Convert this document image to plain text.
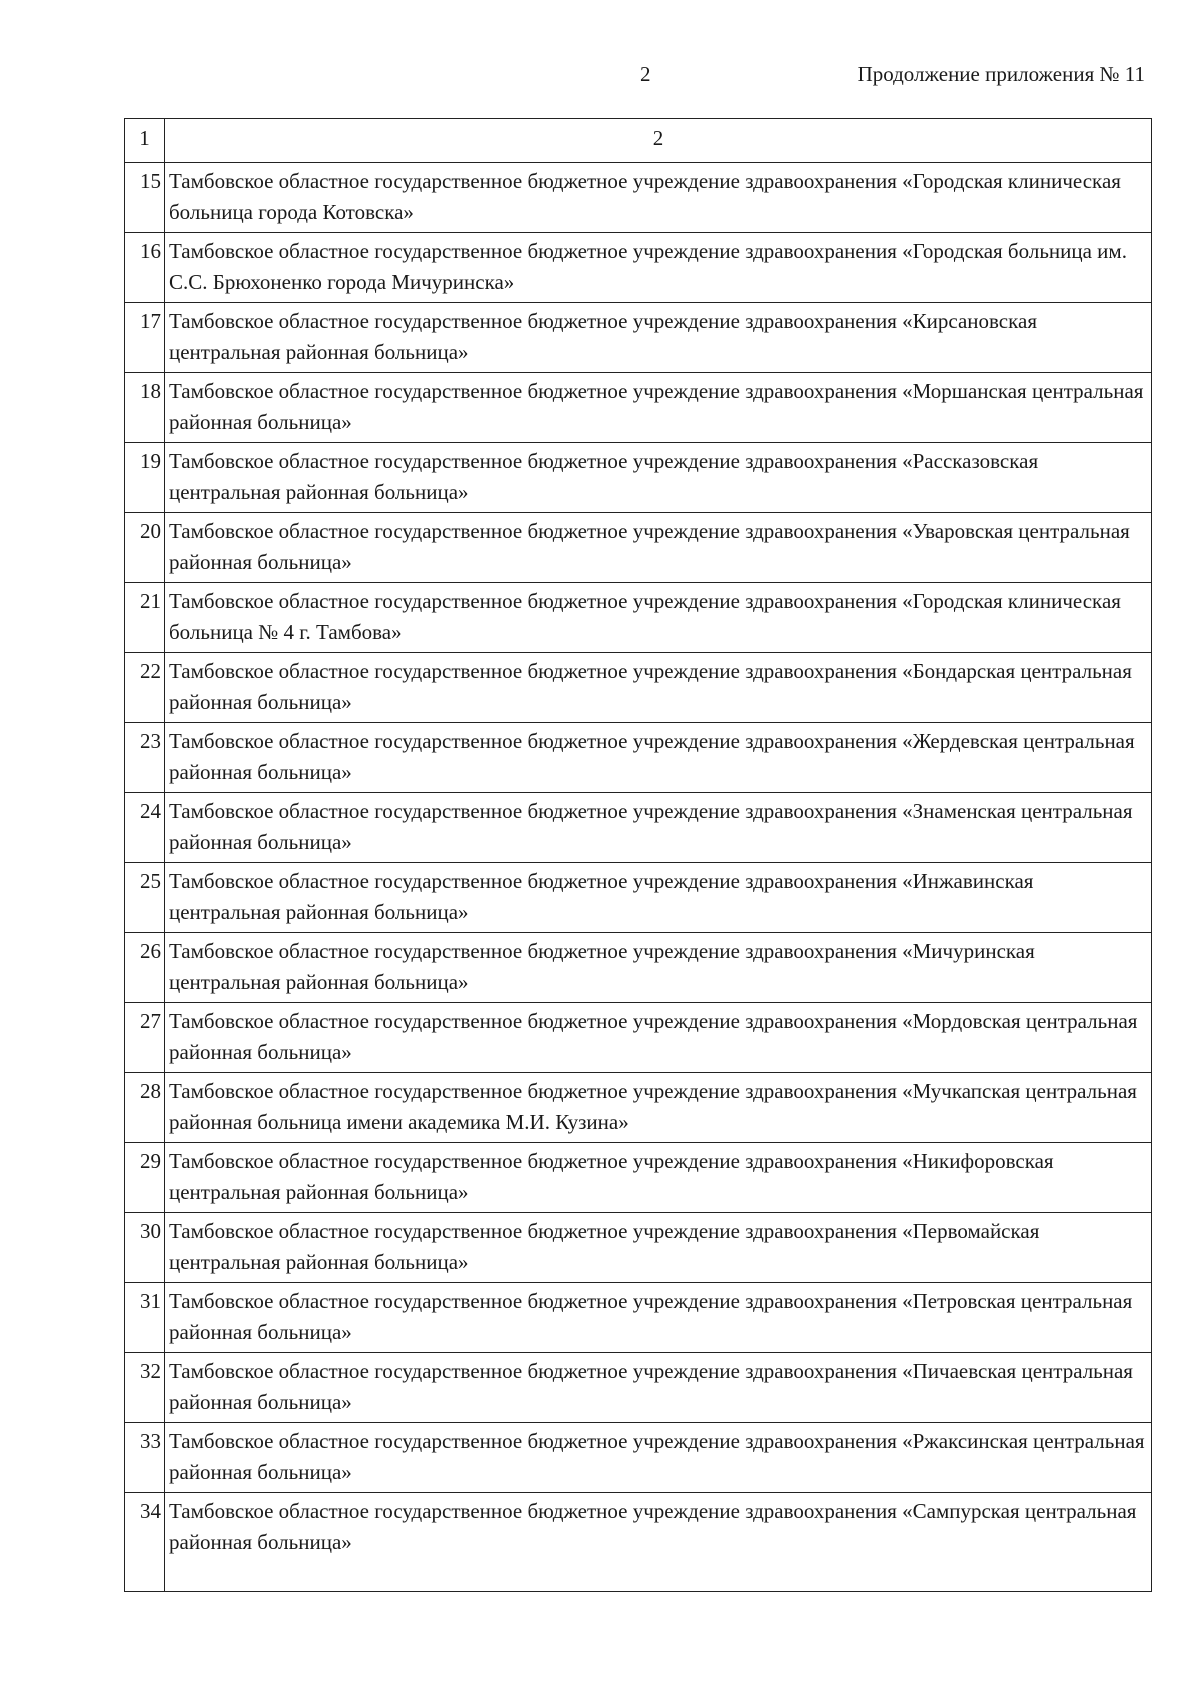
2	Продолжение приложения № 11
1	2
15	Тамбовское областное государственное бюджетное учреждение здравоохранения «Городская клиническая больница города Котовска»
16	Тамбовское областное государственное бюджетное учреждение здравоохранения «Городская больница им. С.С. Брюхоненко города Мичуринска»
17	Тамбовское областное государственное бюджетное учреждение здравоохранения «Кирсановская центральная районная больница»
18	Тамбовское областное государственное бюджетное учреждение здравоохранения «Моршанская центральная районная больница»
19	Тамбовское областное государственное бюджетное учреждение здравоохранения «Рассказовская центральная районная больница»
20	Тамбовское областное государственное бюджетное учреждение здравоохранения «Уваровская центральная районная больница»
21	Тамбовское областное государственное бюджетное учреждение здравоохранения «Городская клиническая больница № 4 г. Тамбова»
22	Тамбовское областное государственное бюджетное учреждение здравоохранения «Бондарская центральная районная больница»
23	Тамбовское областное государственное бюджетное учреждение здравоохранения «Жердевская центральная районная больница»
24	Тамбовское областное государственное бюджетное учреждение здравоохранения «Знаменская центральная районная больница»
25	Тамбовское областное государственное бюджетное учреждение здравоохранения «Инжавинская центральная районная больница»
26	Тамбовское областное государственное бюджетное учреждение здравоохранения «Мичуринская центральная районная больница»
27	Тамбовское областное государственное бюджетное учреждение здравоохранения «Мордовская центральная районная больница»
28	Тамбовское областное государственное бюджетное учреждение здравоохранения «Мучкапская центральная районная больница имени академика М.И. Кузина»
29	Тамбовское областное государственное бюджетное учреждение здравоохранения «Никифоровская центральная районная больница»
30	Тамбовское областное государственное бюджетное учреждение здравоохранения «Первомайская центральная районная больница»
31	Тамбовское областное государственное бюджетное учреждение здравоохранения «Петровская центральная районная больница»
32	Тамбовское областное государственное бюджетное учреждение здравоохранения «Пичаевская центральная районная больница»
33	Тамбовское областное государственное бюджетное учреждение здравоохранения «Ржаксинская центральная районная больница»
34	Тамбовское областное государственное бюджетное учреждение здравоохранения «Сампурская центральная районная больница»
